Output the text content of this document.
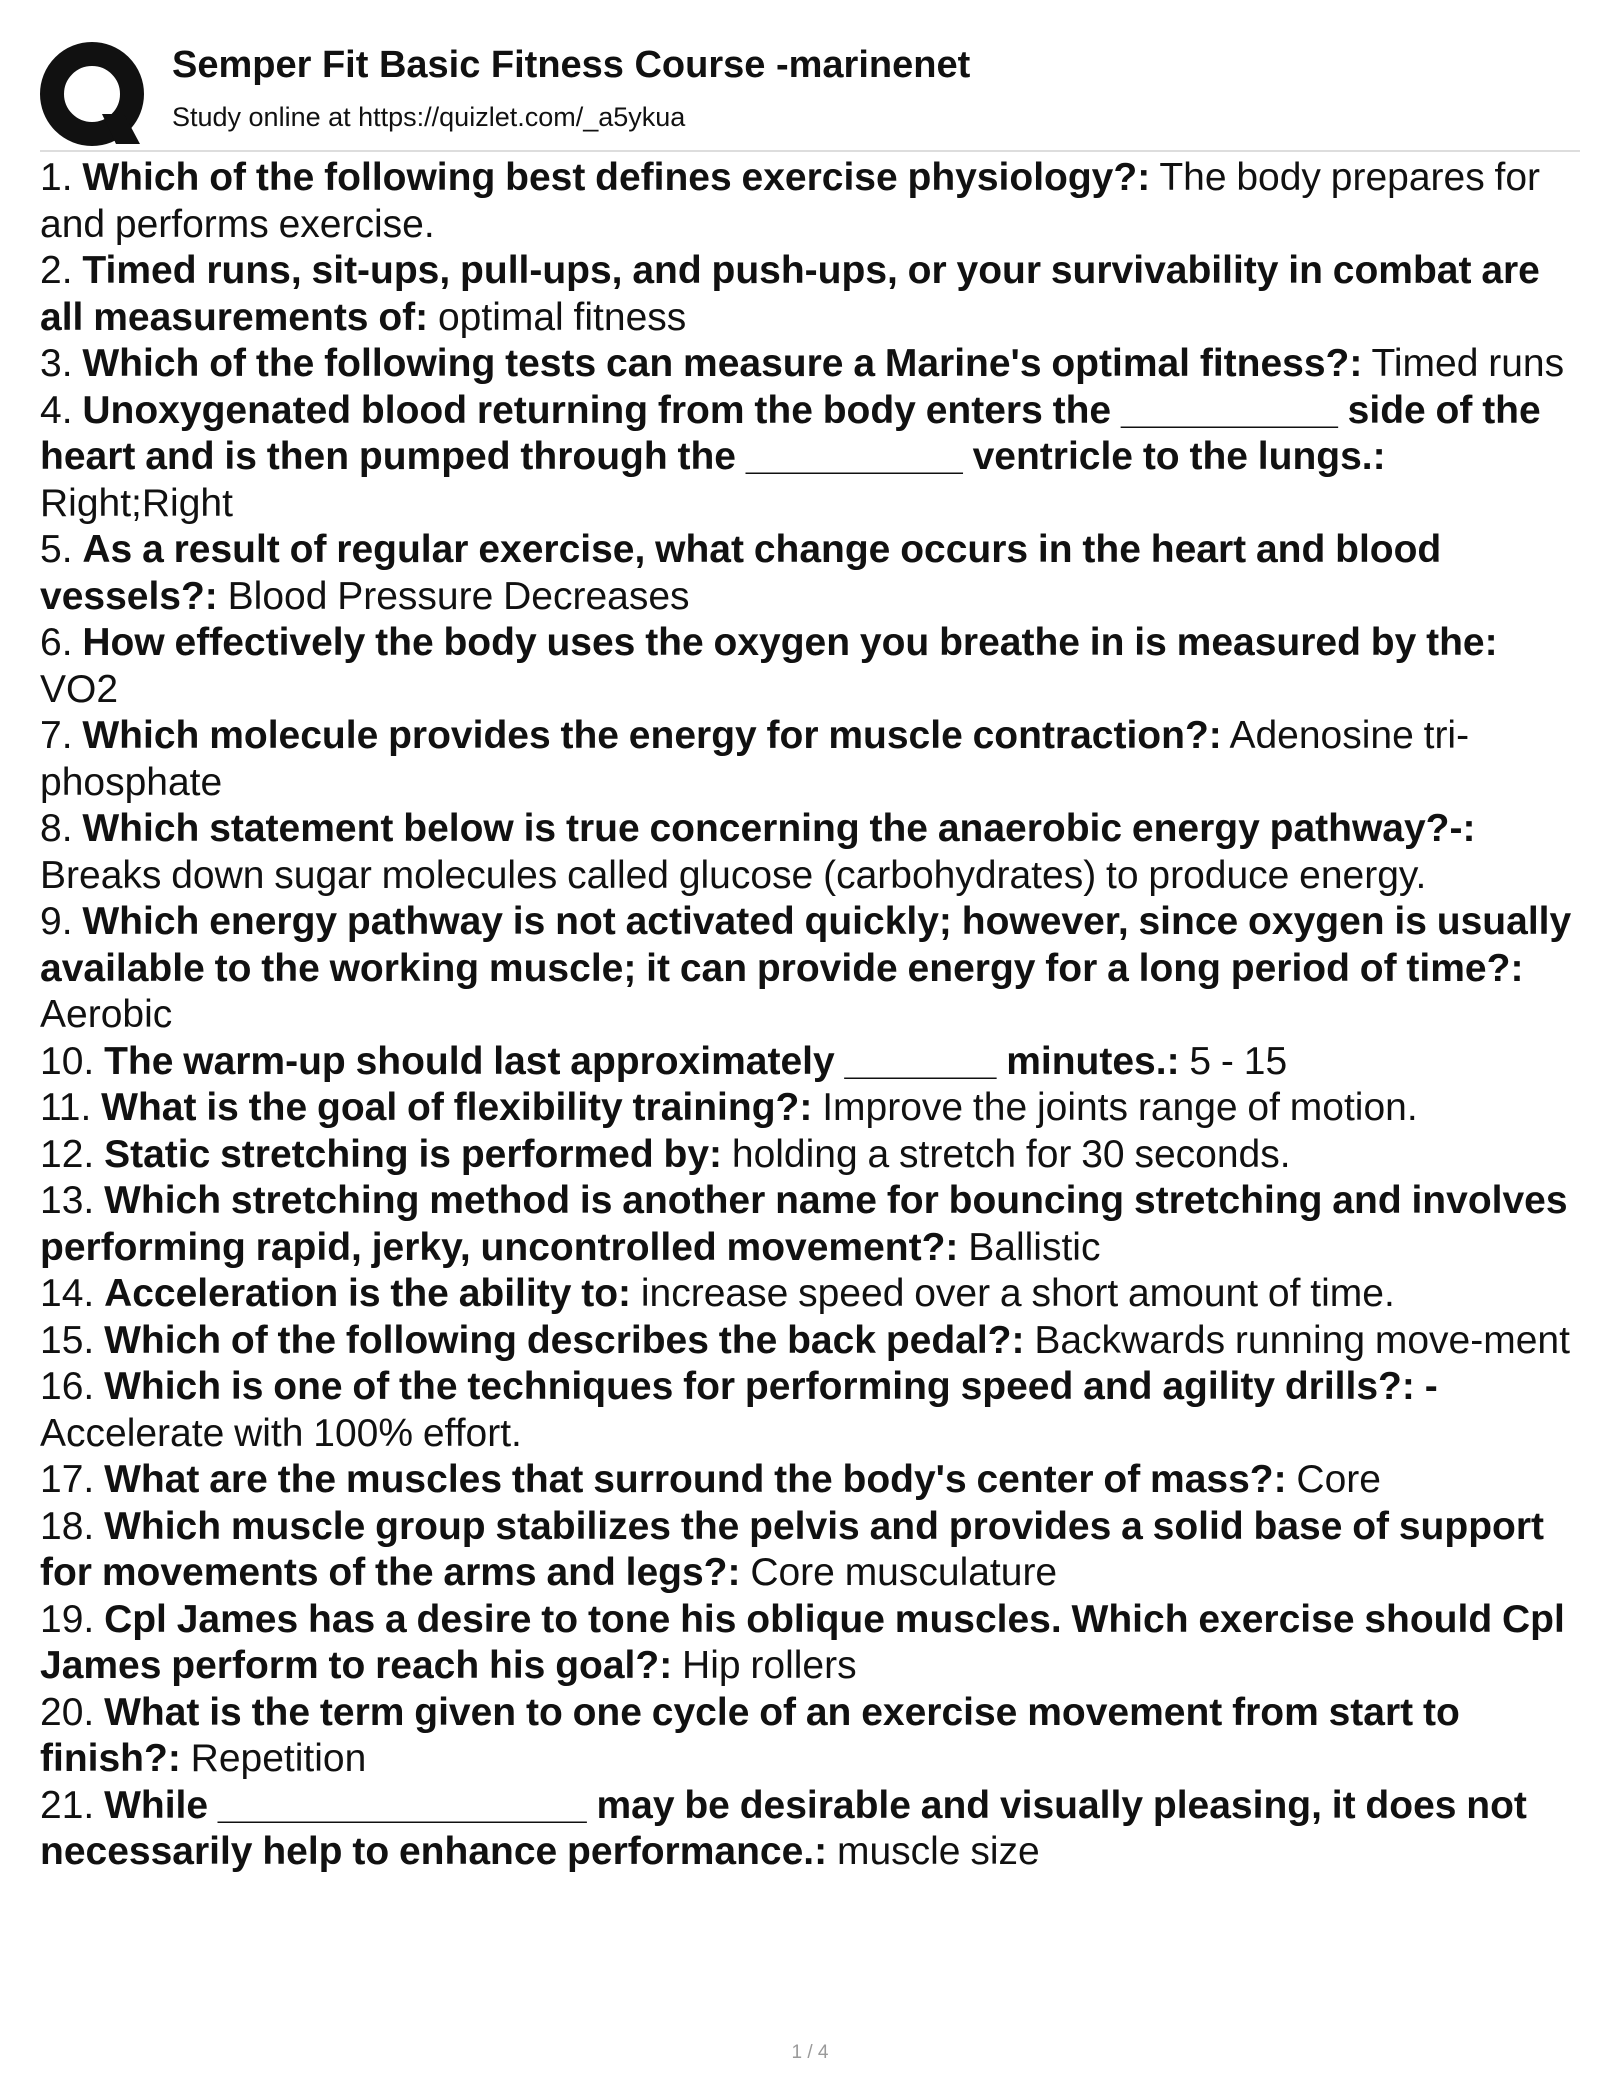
Semper Fit Basic Fitness Course -marinenet
Study online at https://quizlet.com/_a5ykua
1. Which of the following best defines exercise physiology?: The body prepares for and performs exercise.
2. Timed runs, sit-ups, pull-ups, and push-ups, or your survivability in combat are all measurements of: optimal fitness
3. Which of the following tests can measure a Marine's optimal fitness?: Timed runs
4. Unoxygenated blood returning from the body enters the __________ side of the heart and is then pumped through the __________ ventricle to the lungs.: Right;Right
5. As a result of regular exercise, what change occurs in the heart and blood vessels?: Blood Pressure Decreases
6. How effectively the body uses the oxygen you breathe in is measured by the: VO2
7. Which molecule provides the energy for muscle contraction?: Adenosine tri-phosphate
8. Which statement below is true concerning the anaerobic energy pathway?-: Breaks down sugar molecules called glucose (carbohydrates) to produce energy.
9. Which energy pathway is not activated quickly; however, since oxygen is usually available to the working muscle; it can provide energy for a long period of time?: Aerobic
10. The warm-up should last approximately _______ minutes.: 5 - 15
11. What is the goal of flexibility training?: Improve the joints range of motion.
12. Static stretching is performed by: holding a stretch for 30 seconds.
13. Which stretching method is another name for bouncing stretching and involves performing rapid, jerky, uncontrolled movement?: Ballistic
14. Acceleration is the ability to: increase speed over a short amount of time.
15. Which of the following describes the back pedal?: Backwards running move-ment
16. Which is one of the techniques for performing speed and agility drills?: - Accelerate with 100% effort.
17. What are the muscles that surround the body's center of mass?: Core
18. Which muscle group stabilizes the pelvis and provides a solid base of support for movements of the arms and legs?: Core musculature
19. Cpl James has a desire to tone his oblique muscles. Which exercise should Cpl James perform to reach his goal?: Hip rollers
20. What is the term given to one cycle of an exercise movement from start to finish?: Repetition
21. While _________________ may be desirable and visually pleasing, it does not necessarily help to enhance performance.: muscle size
1 / 4
